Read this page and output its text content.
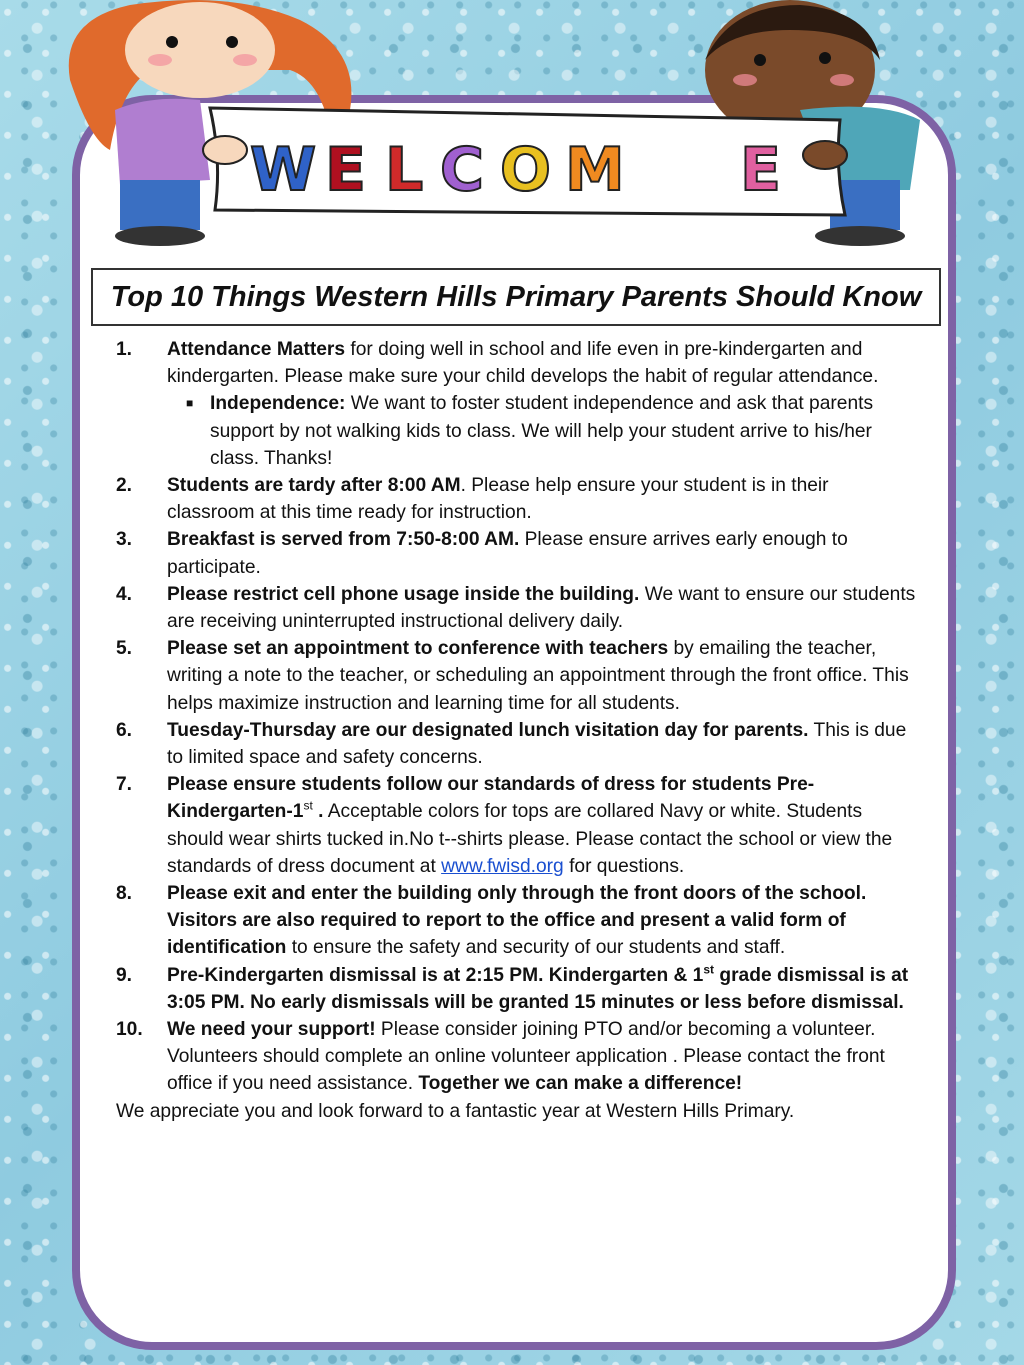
W E L C O M E
Top 10 Things Western Hills Primary Parents Should Know
1.	Attendance Matters for doing well in school and life even in pre-kindergarten and kindergarten. Please make sure your child develops the habit of regular attendance.
■ Independence: We want to foster student independence and ask that parents support by not walking kids to class. We will help your student arrive to his/her class. Thanks!
2.	Students are tardy after 8:00 AM. Please help ensure your student is in their classroom at this time ready for instruction.
3.	Breakfast is served from 7:50-8:00 AM. Please ensure arrives early enough to participate.
4.	Please restrict cell phone usage inside the building. We want to ensure our students are receiving uninterrupted instructional delivery daily.
5.	Please set an appointment to conference with teachers by emailing the teacher, writing a note to the teacher, or scheduling an appointment through the front office. This helps maximize instruction and learning time for all students.
6.	Tuesday-Thursday are our designated lunch visitation day for parents. This is due to limited space and safety concerns.
7.	Please ensure students follow our standards of dress for students Pre-Kindergarten-1st . Acceptable colors for tops are collared Navy or white. Students should wear shirts tucked in.No t--shirts please. Please contact the school or view the standards of dress document at www.fwisd.org for questions.
8.	Please exit and enter the building only through the front doors of the school. Visitors are also required to report to the office and present a valid form of identification to ensure the safety and security of our students and staff.
9.	Pre-Kindergarten dismissal is at 2:15 PM. Kindergarten & 1st grade dismissal is at 3:05 PM. No early dismissals will be granted 15 minutes or less before dismissal.
10.	We need your support! Please consider joining PTO and/or becoming a volunteer. Volunteers should complete an online volunteer application . Please contact the front office if you need assistance. Together we can make a difference!
We appreciate you and look forward to a fantastic year at Western Hills Primary.
